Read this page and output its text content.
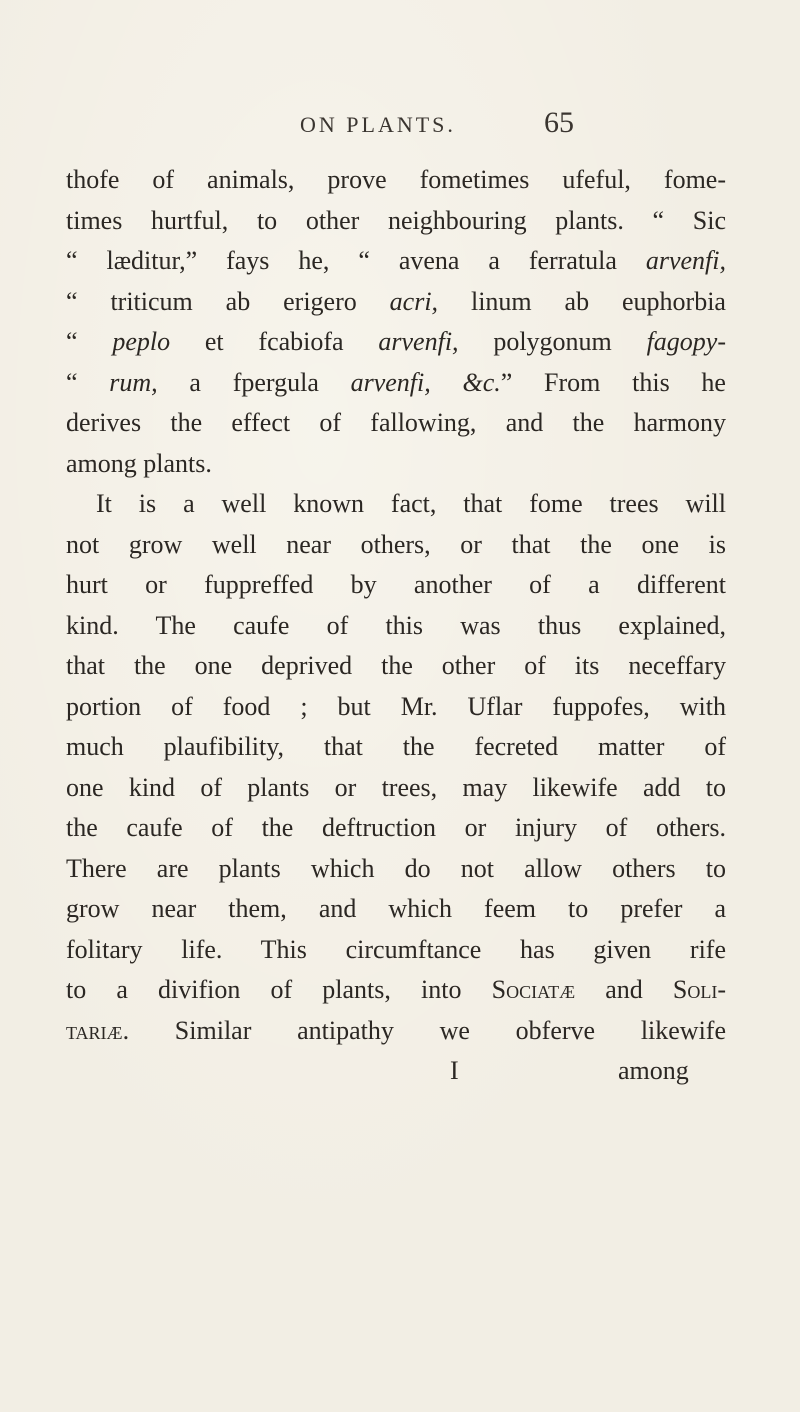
ON PLANTS.	65
thofe of animals, prove fometimes ufeful, fome-
times hurtful, to other neighbouring plants. “ Sic
“ læditur,” fays he, “ avena a ferratula arvenfi,
“ triticum ab erigero acri, linum ab euphorbia
“ peplo et fcabiofa arvenfi, polygonum fagopy-
“ rum, a fpergula arvenfi, &c.” From this he
derives the effect of fallowing, and the harmony
among plants.
It is a well known fact, that fome trees will
not grow well near others, or that the one is
hurt or fuppreffed by another of a different
kind. The caufe of this was thus explained,
that the one deprived the other of its neceffary
portion of food ; but Mr. Uflar fuppofes, with
much plaufibility, that the fecreted matter of
one kind of plants or trees, may likewife add to
the caufe of the deftruction or injury of others.
There are plants which do not allow others to
grow near them, and which feem to prefer a
folitary life. This circumftance has given rife
to a divifion of plants, into Sociatæ and Soli-
tariæ. Similar antipathy we obferve likewife
I	among
